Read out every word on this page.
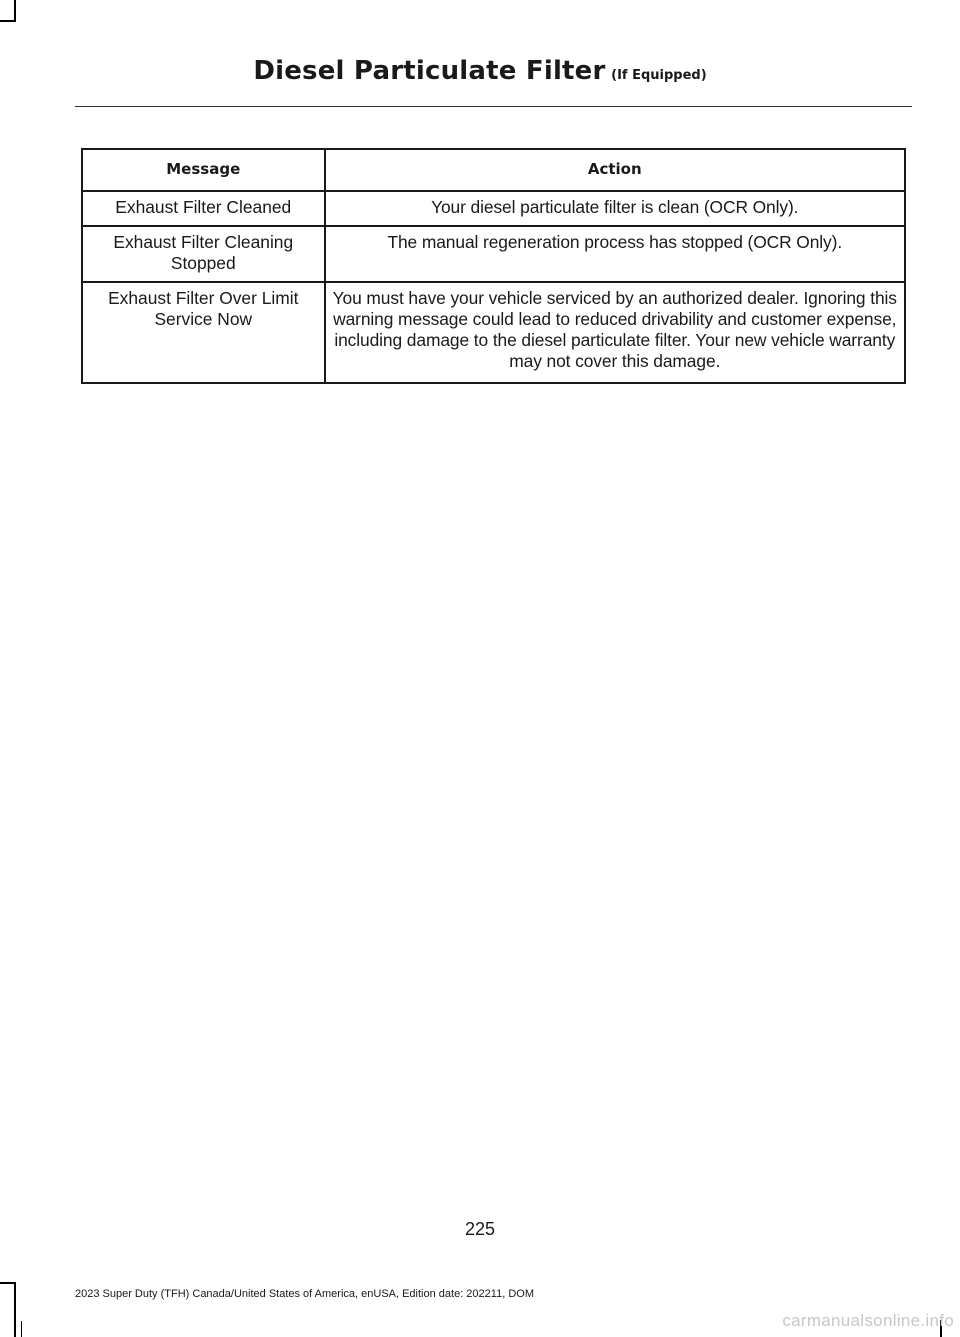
Diesel Particulate Filter (If Equipped)
Message	Action
Exhaust Filter Cleaned	Your diesel particulate filter is clean (OCR Only).
Exhaust Filter Cleaning Stopped	The manual regeneration process has stopped (OCR Only).
Exhaust Filter Over Limit Service Now	You must have your vehicle serviced by an authorized dealer. Ignoring this warning message could lead to reduced drivability and customer expense, including damage to the diesel particulate filter. Your new vehicle warranty may not cover this damage.
225
2023 Super Duty (TFH) Canada/United States of America, enUSA, Edition date: 202211, DOM
carmanualsonline.info
